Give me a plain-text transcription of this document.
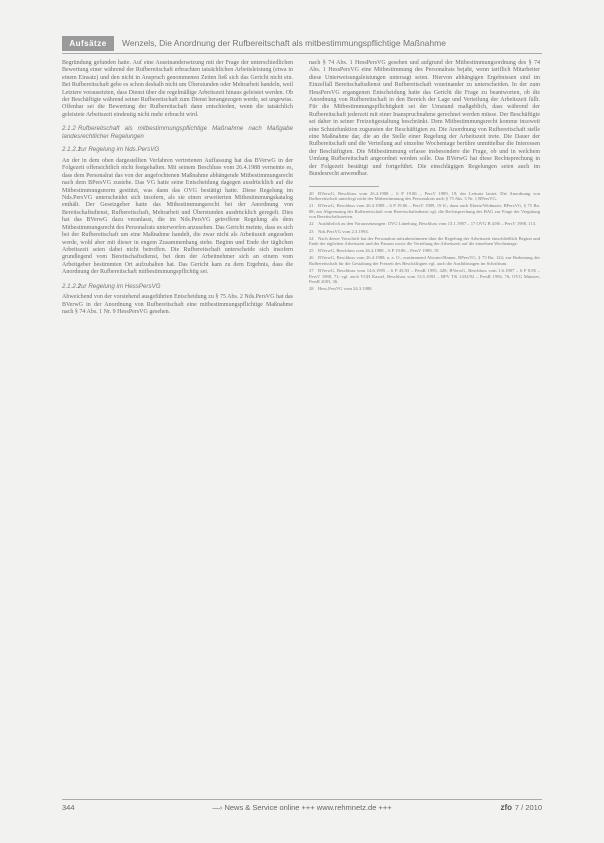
Aufsätze	Wenzels, Die Anordnung der Rufbereitschaft als mitbestimmungspflichtige Maßnahme

Begründung gefunden hatte. Auf eine Auseinandersetzung mit der Frage der unterschiedlichen Bewertung einer während der Rufbereitschaft erbrachten tatsächlichen Arbeitsleistung (etwa in einem Einsatz) und den nicht in Anspruch genommenen Zeiten ließ sich das Gericht nicht ein. Bei Rufbereitschaft gebe es schon deshalb nicht um Überstunden oder Mehrarbeit handeln, weil Letztere vorausetzten, dass Dienst über die regelmäßige Arbeitszeit hinaus geleistet werden. Ob der Beschäftigte während seiner Rufbereitschaft zum Dienst herangezogen werde, sei ungewiss. Offenbar sei die Bewertung der Rufbereitschaft dann entschieden, wenn die tatsächlich geleistete Arbeitszeit eindeutig nicht mehr erbracht wird.

2.1.2 Rufbereitschaft als mitbestimmungspflichtige Maßnahme nach Maßgabe landesrechtlicher Regelungen
2.1.2.1zur Regelung im Nds.PersVG

An der in dem oben dargestellten Verfahren vertretenen Auffassung hat das BVerwG in der Folgezeit offensichtlich nicht festgehalten. Mit seinem Beschluss vom 26.4.1988 verneinte es, dass dem Personalrat das von der angefochtenen Maßnahme abhängende Mitbestimmungsrecht nach dem BPersVG zustehe. Das VG hatte seine Entscheidung dagegen ausdrücklich auf die Mitbestimmungsnorm gestützt, was dann das OVG bestätigt hatte. Diese Regelung im Nds.PersVG unterscheidet sich insofern, als sie einen erweiterten Mitbestimmungskatalog enthält. Der Gesetzgeber hatte das Mitbestimmungsrecht bei der Anordnung von Bereitschaftsdienst, Rufbereitschaft, Mehrarbeit und Überstunden ausdrücklich geregelt. Dies hat das BVerwG dazu veranlasst, die im Nds.PersVG getroffene Regelung als dem Mitbestimmungsrecht des Personalrats unterworfen anzusehen. Das Gericht meinte, dass es sich bei der Rufbereitschaft um eine Maßnahme handelt, die zwar nicht als Arbeitszeit angesehen werde, wohl aber mit dieser in engem Zusammenhang stehe. Beginn und Ende der täglichen Arbeitszeit seien dabei nicht betroffen. Die Rufbereitschaft unterscheide sich insofern grundlegend vom Bereitschaftsdienst, bei dem der Arbeitnehmer sich an einem vom Arbeitgeber bestimmten Ort aufzuhalten hat. Das Gericht kam zu dem Ergebnis, dass die Anordnung der Rufbereitschaft mitbestimmungspflichtig sei.

2.1.2.2zur Regelung im HessPersVG

Abweichend von der vorstehend ausgeführten Entscheidung zu § 75 Abs. 2 Nds.PersVG hat das BVerwG in der Anordnung von Rufbereitschaft eine mitbestimmungspflichtige Maßnahme nach § 74 Abs. 1 Nr. 9 HessPersVG gesehen.

nach § 74 Abs. 1 HessPersVG gesehen und aufgrund der Mitbestimmungsordnung des § 74 Abs. 1 HessPersVG eine Mitbestimmung des Personalrats bejaht, wenn tariflich Mitarbeiter diese Unterweisungsleistungen untersagt seien. Hiervon abhängigen Ergebnissen sind im Einzelfall Bereitschaftsdienst und Rufbereitschaft voneinander zu unterscheiden. In der zum HessPersVG ergangenen Entscheidung hatte das Gericht die Frage zu beantworten, ob die Anordnung von Rufbereitschaft in den Bereich der Lage und Verteilung der Arbeitszeit fällt. Für die Mitbestimmungspflichtigkeit sei der Umstand maßgeblich, dass während der Rufbereitschaft jederzeit mit einer Inanspruchnahme gerechnet werden müsse. Der Beschäftigte sei daher in seiner Freizeitgestaltung beschränkt. Dem Mitbestimmungsrecht komme insoweit eine Schutzfunktion zugunsten der Beschäftigten zu. Die Anordnung von Rufbereitschaft stelle eine Maßnahme dar, die an die Stelle einer Regelung der Arbeitszeit trete. Die Dauer der Rufbereitschaft und die Verteilung auf einzelne Wochentage berühre unmittelbar die Interessen der Beschäftigten. Die Mitbestimmung erfasse insbesondere die Frage, ob und in welchem Umfang Rufbereitschaft angeordnet werden solle. Das BVerwG hat diese Rechtsprechung in der Folgezeit bestätigt und fortgeführt. Die einschlägigen Regelungen seien auch im Bundesrecht anwendbar.

20 BVerwG, Beschluss vom 26.4.1988 – 6 P 19.86 – PersV 1989, 19; der Leitsatz lautet: Die Anordnung von Rufbereitschaft unterliegt nicht der Mitbestimmung des Personalrats nach § 75 Abs. 3 Nr. 1 BPersVG.
21 BVerwG, Beschluss vom 26.4.1988 – 6 P 19.86 – PersV 1989, 19 ff.; dazu auch Ilbertz/Widmaier, BPersVG, § 75 Rn. 88; zur Abgrenzung der Rufbereitschaft vom Bereitschaftsdienst vgl. die Rechtsprechung des BAG zur Frage der Vergütung von Bereitschaftszeiten.
22 Ausführlich zu den Voraussetzungen: OVG Lüneburg, Beschluss vom 13.1.1987 – 17 OVG B 4/86 – PersV 1988, 113.
23 Nds.PersVG vom 2.3.1994.
24 Nach dieser Vorschrift hat der Personalrat mitzubestimmen über die Regelung der Arbeitszeit einschließlich Beginn und Ende der täglichen Arbeitszeit und der Pausen sowie die Verteilung der Arbeitszeit auf die einzelnen Wochentage.
25 BVerwG, Beschluss vom 26.4.1988 – 6 P 19.86 – PersV 1989, 19.
26 BVerwG, Beschluss vom 26.4.1988, a. a. O.; zustimmend Altvater/Hamer, BPersVG, § 75 Rn. 124; zur Bedeutung der Rufbereitschaft für die Gestaltung der Freizeit des Beschäftigten vgl. auch die Ausführungen im Schrifttum.
27 BVerwG, Beschluss vom 14.6.1995 – 6 P 43.93 – PersR 1995, 428; BVerwG, Beschluss vom 1.6.1987 – 6 P 8.85 – PersV 1988, 71; vgl. auch VGH Kassel, Beschluss vom 13.5.1993 – BPV TK 1432/92 – PersR 1994, 76; OVG Münster, PersR 2003, 36.
28 Hess.PersVG vom 24.3.1988.
344	—› News & Service online +++ www.rehmnetz.de +++	zfo 7 / 2010
